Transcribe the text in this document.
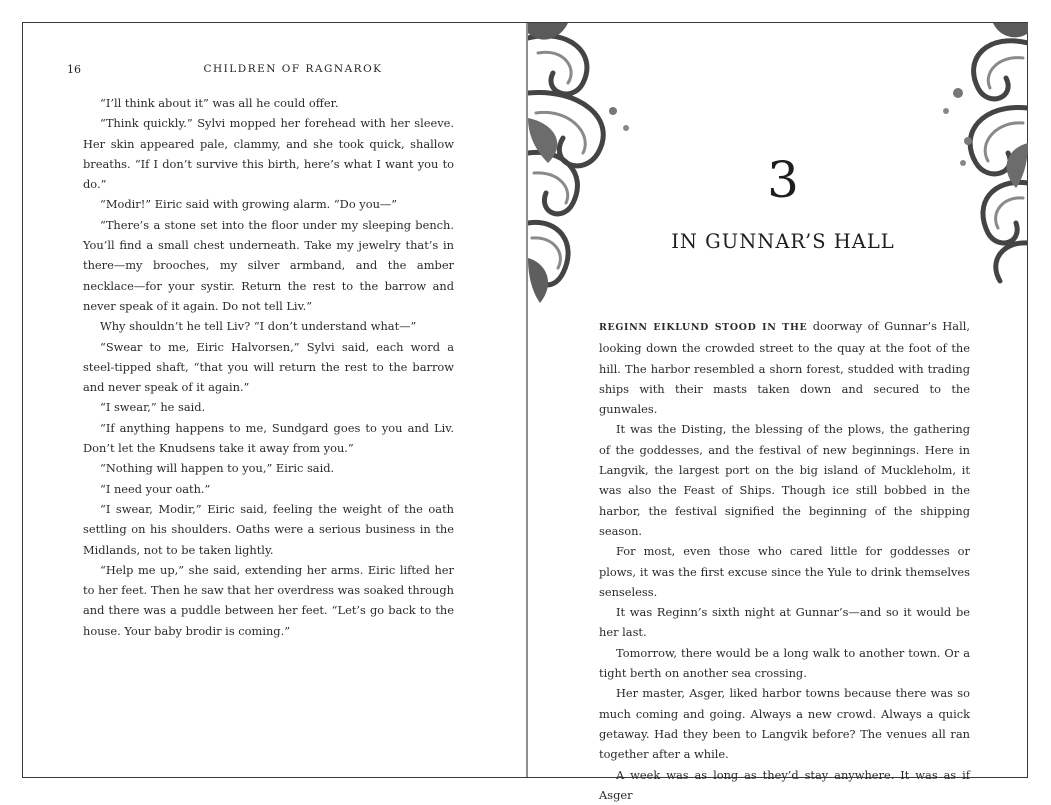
16	CHILDREN OF RAGNAROK

“I’ll think about it” was all he could offer.

“Think quickly.” Sylvi mopped her forehead with her sleeve. Her skin appeared pale, clammy, and she took quick, shallow breaths. “If I don’t survive this birth, here’s what I want you to do.”

“Modir!” Eiric said with growing alarm. “Do you—”

“There’s a stone set into the floor under my sleeping bench. You’ll find a small chest underneath. Take my jewelry that’s in there—my brooches, my silver armband, and the amber necklace—for your systir. Return the rest to the barrow and never speak of it again. Do not tell Liv.”

Why shouldn’t he tell Liv? “I don’t understand what—”

“Swear to me, Eiric Halvorsen,” Sylvi said, each word a steel-tipped shaft, “that you will return the rest to the barrow and never speak of it again.”

“I swear,” he said.

“If anything happens to me, Sundgard goes to you and Liv. Don’t let the Knudsens take it away from you.”

“Nothing will happen to you,” Eiric said.

“I need your oath.”

“I swear, Modir,” Eiric said, feeling the weight of the oath settling on his shoulders. Oaths were a serious business in the Midlands, not to be taken lightly.

“Help me up,” she said, extending her arms. Eiric lifted her to her feet. Then he saw that her overdress was soaked through and there was a puddle between her feet. “Let’s go back to the house. Your baby brodir is coming.”

3
IN GUNNAR’S HALL

REGINN EIKLUND STOOD IN THE doorway of Gunnar’s Hall, looking down the crowded street to the quay at the foot of the hill. The harbor resembled a shorn forest, studded with trading ships with their masts taken down and secured to the gunwales.

It was the Disting, the blessing of the plows, the gathering of the goddesses, and the festival of new beginnings. Here in Langvik, the largest port on the big island of Muckleholm, it was also the Feast of Ships. Though ice still bobbed in the harbor, the festival signified the beginning of the shipping season.

For most, even those who cared little for goddesses or plows, it was the first excuse since the Yule to drink themselves senseless.

It was Reginn’s sixth night at Gunnar’s—and so it would be her last.

Tomorrow, there would be a long walk to another town. Or a tight berth on another sea crossing.

Her master, Asger, liked harbor towns because there was so much coming and going. Always a new crowd. Always a quick getaway. Had they been to Langvik before? The venues all ran together after a while.

A week was as long as they’d stay anywhere. It was as if Asger
